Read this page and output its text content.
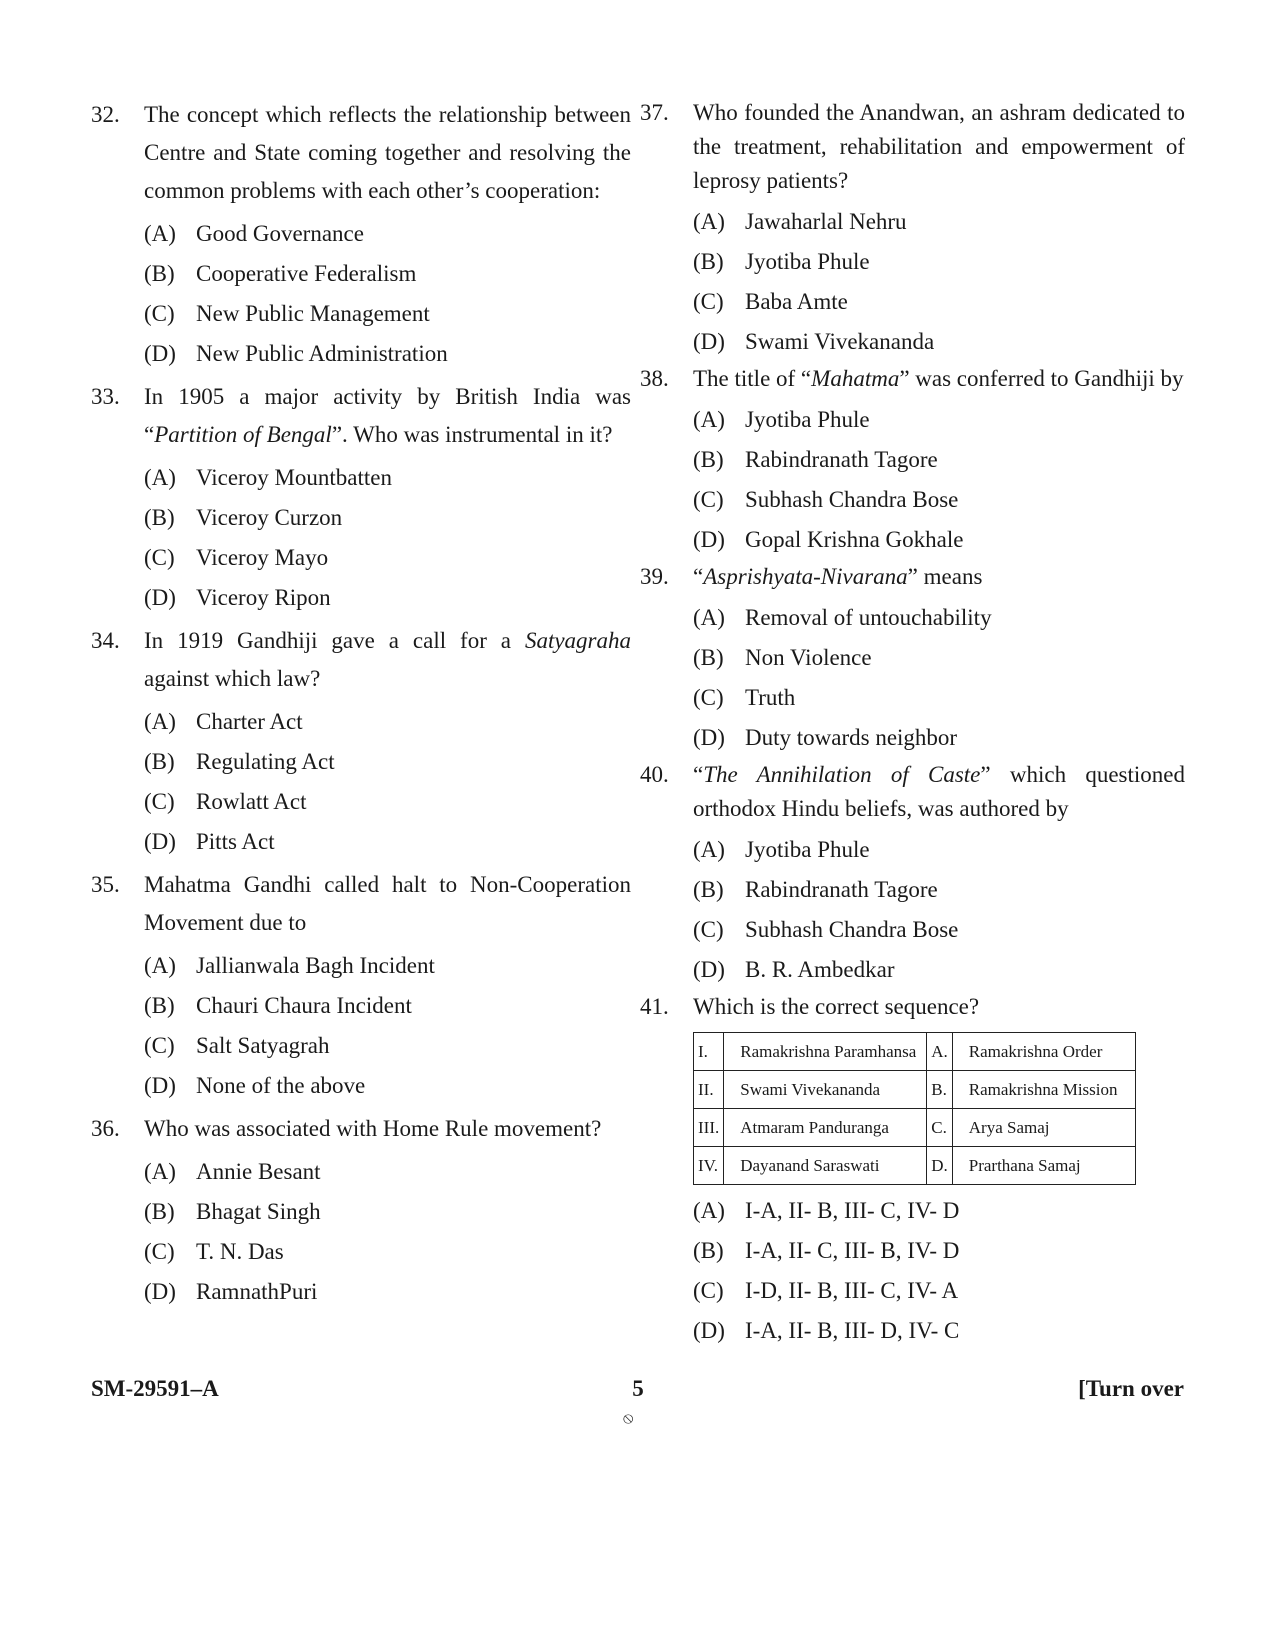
32. The concept which reflects the relationship between Centre and State coming together and resolving the common problems with each other’s cooperation:
(A) Good Governance
(B) Cooperative Federalism
(C) New Public Management
(D) New Public Administration
33. In 1905 a major activity by British India was “Partition of Bengal”. Who was instrumental in it?
(A) Viceroy Mountbatten
(B) Viceroy Curzon
(C) Viceroy Mayo
(D) Viceroy Ripon
34. In 1919 Gandhiji gave a call for a Satyagraha against which law?
(A) Charter Act
(B) Regulating Act
(C) Rowlatt Act
(D) Pitts Act
35. Mahatma Gandhi called halt to Non-Cooperation Movement due to
(A) Jallianwala Bagh Incident
(B) Chauri Chaura Incident
(C) Salt Satyagrah
(D) None of the above
36. Who was associated with Home Rule movement?
(A) Annie Besant
(B) Bhagat Singh
(C) T. N. Das
(D) RamnathPuri
37. Who founded the Anandwan, an ashram dedicated to the treatment, rehabilitation and empowerment of leprosy patients?
(A) Jawaharlal Nehru
(B) Jyotiba Phule
(C) Baba Amte
(D) Swami Vivekananda
38. The title of “Mahatma” was conferred to Gandhiji by
(A) Jyotiba Phule
(B) Rabindranath Tagore
(C) Subhash Chandra Bose
(D) Gopal Krishna Gokhale
39. “Asprishyata-Nivarana” means
(A) Removal of untouchability
(B) Non Violence
(C) Truth
(D) Duty towards neighbor
40. “The Annihilation of Caste” which questioned orthodox Hindu beliefs, was authored by
(A) Jyotiba Phule
(B) Rabindranath Tagore
(C) Subhash Chandra Bose
(D) B. R. Ambedkar
41. Which is the correct sequence?
I.	Ramakrishna Paramhansa	A.	Ramakrishna Order
II.	Swami Vivekananda	B.	Ramakrishna Mission
III.	Atmaram Panduranga	C.	Arya Samaj
IV.	Dayanand Saraswati	D.	Prarthana Samaj
(A) I-A, II- B, III- C, IV- D
(B) I-A, II- C, III- B, IV- D
(C) I-D, II- B, III- C, IV- A
(D) I-A, II- B, III- D, IV- C
SM-29591–A	5	[Turn over
⦸
